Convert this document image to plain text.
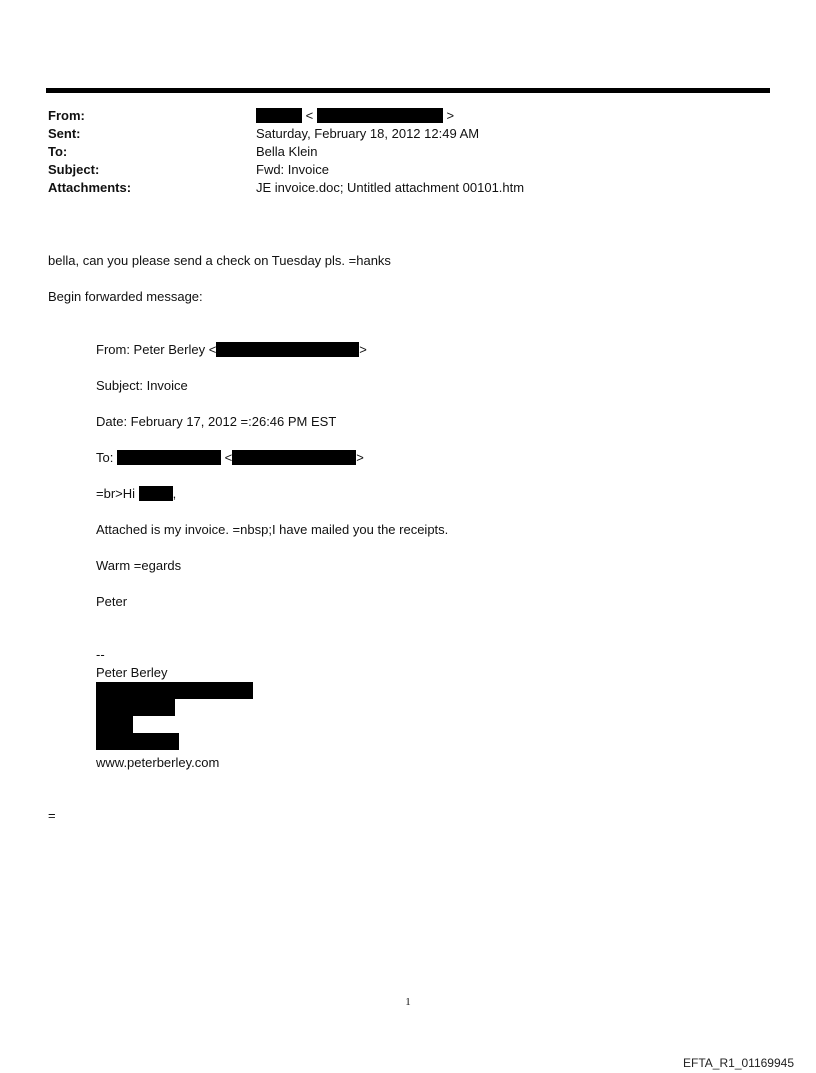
From:	<	>
Sent:	Saturday, February 18, 2012 12:49 AM
To:	Bella Klein
Subject:	Fwd: Invoice
Attachments:	JE invoice.doc; Untitled attachment 00101.htm
bella, can you please send a check on Tuesday pls. =hanks
Begin forwarded message:
From: Peter Berley <	>
Subject: Invoice
Date: February 17, 2012 =:26:46 PM EST
To:	<	>
=br>Hi	,
Attached is my invoice. =nbsp;I have mailed you the receipts.
Warm =egards
Peter
--
Peter Berley
www.peterberley.com
=
1
EFTA_R1_01169945
